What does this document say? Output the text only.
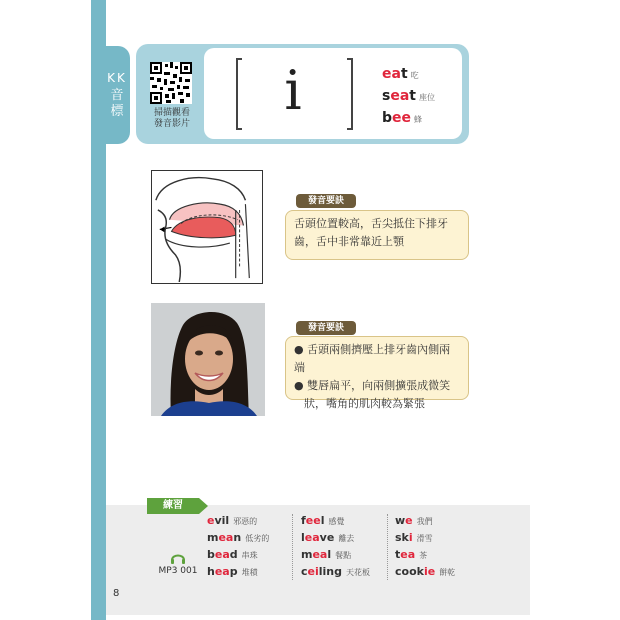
KK
音
標	掃描觀看
發音影片
i	eat 吃
seat 座位
bee 蜂
發音要訣
舌頭位置較高，舌尖抵住下排牙
齒，舌中非常靠近上顎
發音要訣
● 舌頭兩側擠壓上排牙齒內側兩端
● 雙唇扁平，向兩側擴張成微笑
狀，嘴角的肌肉較為緊張
練習
MP3 001
evil 邪惡的
mean 低劣的
bead 串珠
heap 堆積
feel 感覺
leave 離去
meal 餐點
ceiling 天花板
we 我們
ski 滑雪
tea 茶
cookie 餅乾
8
